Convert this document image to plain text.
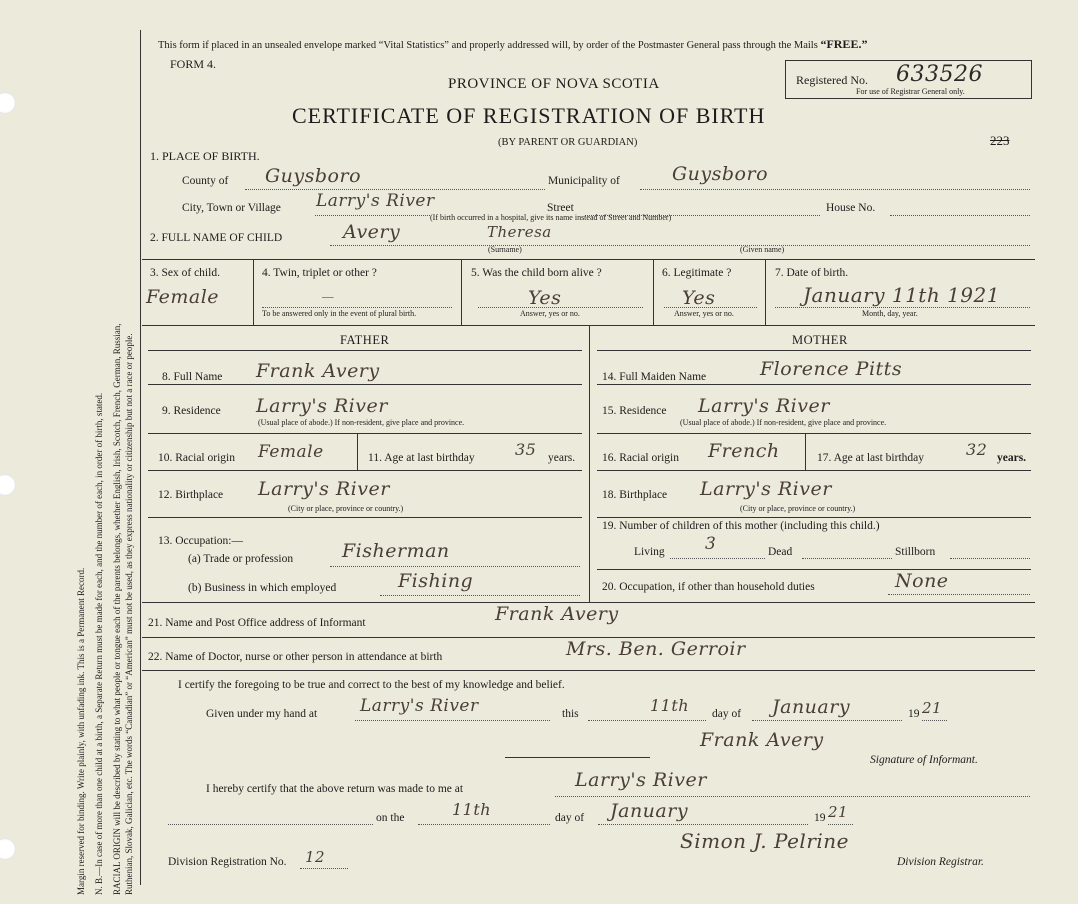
Margin reserved for binding. Write plainly, with unfading ink. This is a Permanent Record. N. B.—In case of more than one child at a birth, a Separate Return must be made for each, and the number of each, in order of birth, stated. RACIAL ORIGIN will be described by stating to what people or tongue each of the parents belongs, whether English, Irish, Scotch, French, German, Russian, Ruthenian, Slovak, Galician, etc. The words “Canadian” or “American” must not be used, as they express nationality or citizenship but not a race or people.
This form if placed in an unsealed envelope marked “Vital Statistics” and properly addressed will, by order of the Postmaster General pass through the Mails “FREE.”
FORM 4.
PROVINCE OF NOVA SCOTIA	Registered No. 633526
For use of Registrar General only.
CERTIFICATE OF REGISTRATION OF BIRTH
(BY PARENT OR GUARDIAN)	223
1. PLACE OF BIRTH.
County of Guysboro	Municipality of	Guysboro
City, Town or Village Larry's River	Street	House No.
(If birth occurred in a hospital, give its name instead of Street and Number)
2. FULL NAME OF CHILD	Avery	Theresa
(Surname)	(Given name)
3. Sex of child.
Female
4. Twin, triplet or other ?
—
To be answered only in the event of plural birth.
5. Was the child born alive ?
Yes
Answer, yes or no.
6. Legitimate ?
Yes
Answer, yes or no.
7. Date of birth.
January 11th 1921
Month, day, year.
FATHER	MOTHER
8. Full Name Frank Avery
9. Residence Larry's River
(Usual place of abode.) If non-resident, give place and province.
10. Racial origin Female	11. Age at last birthday	35 years.
12. Birthplace Larry's River
(City or place, province or country.)
13. Occupation:—
(a) Trade or profession	Fisherman
(b) Business in which employed	Fishing
14. Full Maiden Name	Florence Pitts
15. Residence Larry's River
(Usual place of abode.) If non-resident, give place and province.
16. Racial origin French	17. Age at last birthday	32 years.
18. Birthplace Larry's River
(City or place, province or country.)
19. Number of children of this mother (including this child.)
Living 3	Dead	Stillborn
20. Occupation, if other than household duties	None
21. Name and Post Office address of Informant	Frank Avery
22. Name of Doctor, nurse or other person in attendance at birth	Mrs. Ben. Gerroir
I certify the foregoing to be true and correct to the best of my knowledge and belief.
Given under my hand at	Larry's River	this	11th day of January	19 21
Frank Avery
Signature of Informant.
I hereby certify that the above return was made to me at	Larry's River
on the	11th	day of January	19 21
Simon J. Pelrine
Division Registration No. 12	Division Registrar.
